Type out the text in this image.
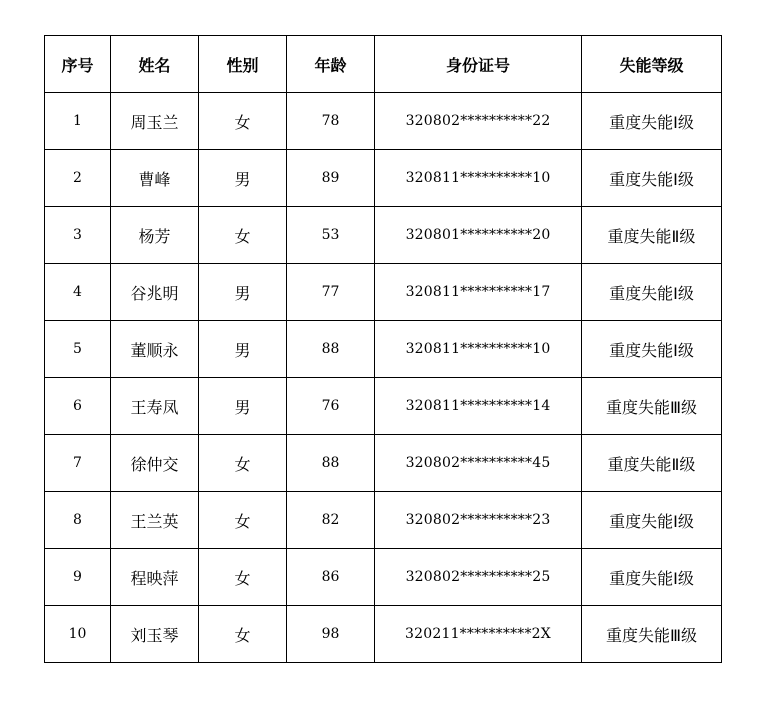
序号	姓名	性别	年龄	身份证号	失能等级
1	周玉兰	女	78	320802**********22	重度失能Ⅰ级
2	曹峰	男	89	320811**********10	重度失能Ⅰ级
3	杨芳	女	53	320801**********20	重度失能Ⅱ级
4	谷兆明	男	77	320811**********17	重度失能Ⅰ级
5	董顺永	男	88	320811**********10	重度失能Ⅰ级
6	王寿凤	男	76	320811**********14	重度失能Ⅲ级
7	徐仲交	女	88	320802**********45	重度失能Ⅱ级
8	王兰英	女	82	320802**********23	重度失能Ⅰ级
9	程映萍	女	86	320802**********25	重度失能Ⅰ级
10	刘玉琴	女	98	320211**********2X	重度失能Ⅲ级
